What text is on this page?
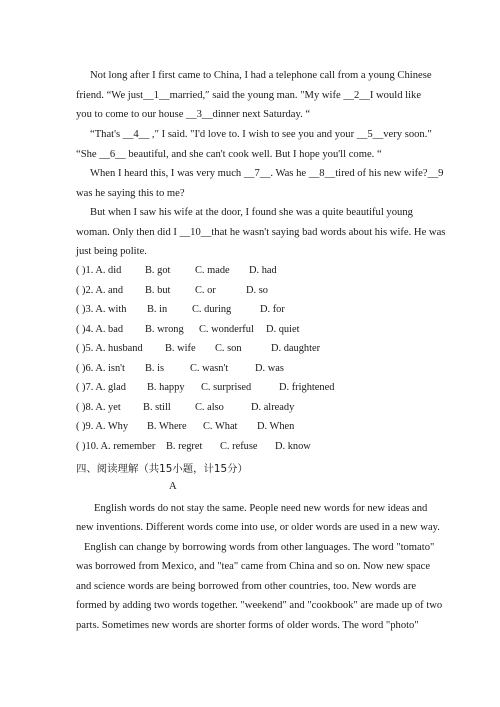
Not long after I first came to China, I had a telephone call from a young Chinese
friend. “We just__1__married,″ said the young man. "My wife __2__I would like
you to come to our house __3__dinner next Saturday. “
“That's __4__ ,″ I said. "I'd love to. I wish to see you and your __5__very soon.″
“She __6__ beautiful, and she can't cook well. But I hope you'll come. “
When I heard this, I was very much __7__. Was he __8__tired of his new wife?__9
was he saying this to me?
But when I saw his wife at the door, I found she was a quite beautiful young
woman. Only then did I __10__that he wasn't saying bad words about his wife. He was
just being polite.
( )1. A. did B. got C. made D. had
( )2. A. and B. but C. or	D. so
( )3. A. with B. in C. during	D. for
( )4. A. bad B. wrong C. wonderful D. quiet
( )5. A. husband B. wife C. son	D. daughter
( )6. A. isn't B. is C. wasn't	D. was
( )7. A. glad B. happy C. surprised	D. frightened
( )8. A. yet B. still C. also	D. already
( )9. A. Why B. Where C. What D. When
( )10. A. remember B. regret C. refuse D. know
四、阅读理解（共15小题，计15分）
A
English words do not stay the same. People need new words for new ideas and
new inventions. Different words come into use, or older words are used in a new way.
English can change by borrowing words from other languages. The word "tomato"
was borrowed from Mexico, and "tea" came from China and so on. Now new space
and science words are being borrowed from other countries, too. New words are
formed by adding two words together. "weekend" and "cookbook" are made up of two
parts. Sometimes new words are shorter forms of older words. The word "photo"
